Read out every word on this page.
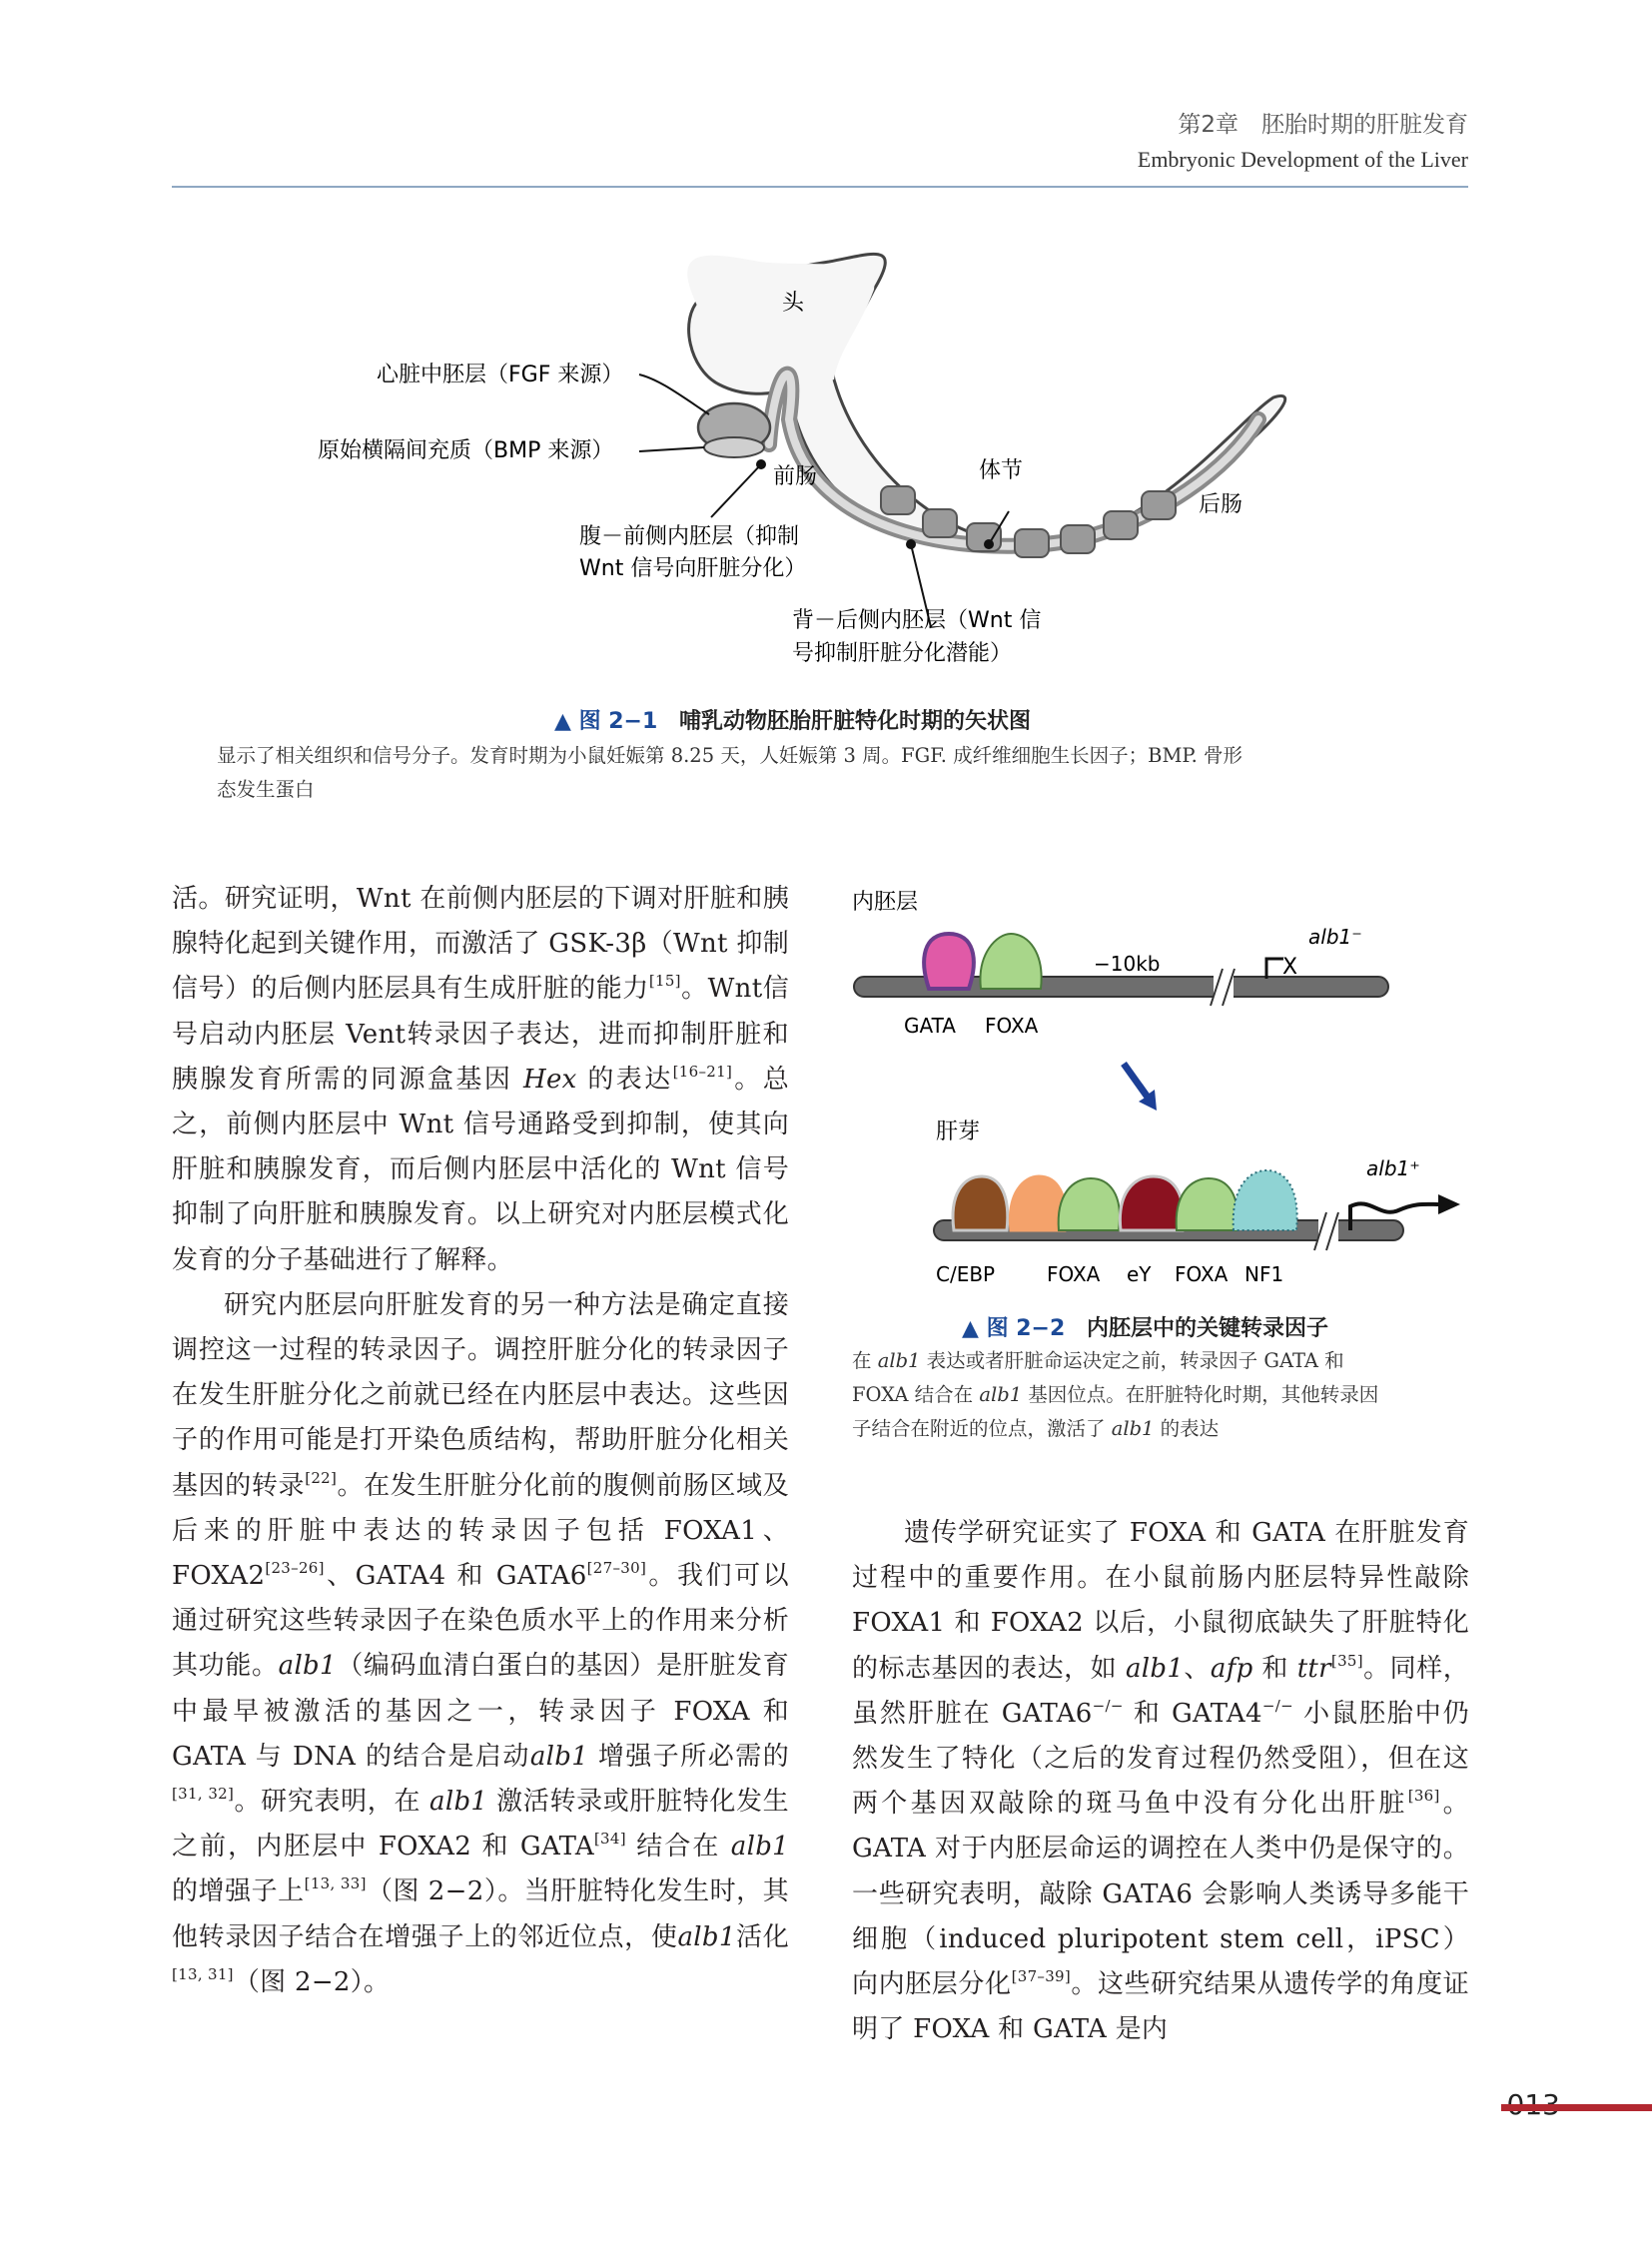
第2章　胚胎时期的肝脏发育
Embryonic Development of the Liver
头
心脏中胚层（FGF 来源）
原始横隔间充质（BMP 来源）
前肠	体节
后肠
腹－前侧内胚层（抑制
Wnt 信号向肝脏分化）
背－后侧内胚层（Wnt 信
号抑制肝脏分化潜能）
▲ 图 2−1 哺乳动物胚胎肝脏特化时期的矢状图
显示了相关组织和信号分子。发育时期为小鼠妊娠第 8.25 天，人妊娠第 3 周。FGF. 成纤维细胞生长因子；BMP. 骨形
态发生蛋白
内胚层
X
alb1⁻
−10kb
GATA FOXA
肝芽
alb1⁺
C/EBP	FOXA eY FOXA NF1
▲ 图 2−2 内胚层中的关键转录因子
在 alb1 表达或者肝脏命运决定之前，转录因子 GATA 和
FOXA 结合在 alb1 基因位点。在肝脏特化时期，其他转录因
子结合在附近的位点，激活了 alb1 的表达

活。研究证明，Wnt 在前侧内胚层的下调对肝脏和胰腺特化起到关键作用，而激活了 GSK-3β（Wnt 抑制信号）的后侧内胚层具有生成肝脏的能力[15]。Wnt信号启动内胚层 Vent转录因子表达，进而抑制肝脏和胰腺发育所需的同源盒基因 Hex 的表达[16–21]。总之，前侧内胚层中 Wnt 信号通路受到抑制，使其向肝脏和胰腺发育，而后侧内胚层中活化的 Wnt 信号抑制了向肝脏和胰腺发育。以上研究对内胚层模式化发育的分子基础进行了解释。

研究内胚层向肝脏发育的另一种方法是确定直接调控这一过程的转录因子。调控肝脏分化的转录因子在发生肝脏分化之前就已经在内胚层中表达。这些因子的作用可能是打开染色质结构，帮助肝脏分化相关基因的转录[22]。在发生肝脏分化前的腹侧前肠区域及后来的肝脏中表达的转录因子包括 FOXA1、FOXA2[23–26]、GATA4 和 GATA6[27–30]。我们可以通过研究这些转录因子在染色质水平上的作用来分析其功能。alb1（编码血清白蛋白的基因）是肝脏发育中最早被激活的基因之一，转录因子 FOXA 和 GATA 与 DNA 的结合是启动alb1 增强子所必需的[31, 32]。研究表明，在 alb1 激活转录或肝脏特化发生之前，内胚层中 FOXA2 和 GATA[34] 结合在 alb1 的增强子上[13, 33]（图 2−2）。当肝脏特化发生时，其他转录因子结合在增强子上的邻近位点，使alb1活化[13, 31]（图 2−2）。

遗传学研究证实了 FOXA 和 GATA 在肝脏发育过程中的重要作用。在小鼠前肠内胚层特异性敲除 FOXA1 和 FOXA2 以后，小鼠彻底缺失了肝脏特化的标志基因的表达，如 alb1、afp 和 ttr[35]。同样，虽然肝脏在 GATA6−/− 和 GATA4−/− 小鼠胚胎中仍然发生了特化（之后的发育过程仍然受阻），但在这两个基因双敲除的斑马鱼中没有分化出肝脏[36]。GATA 对于内胚层命运的调控在人类中仍是保守的。一些研究表明，敲除 GATA6 会影响人类诱导多能干细胞（induced pluripotent stem cell，iPSC）向内胚层分化[37–39]。这些研究结果从遗传学的角度证明了 FOXA 和 GATA 是内
